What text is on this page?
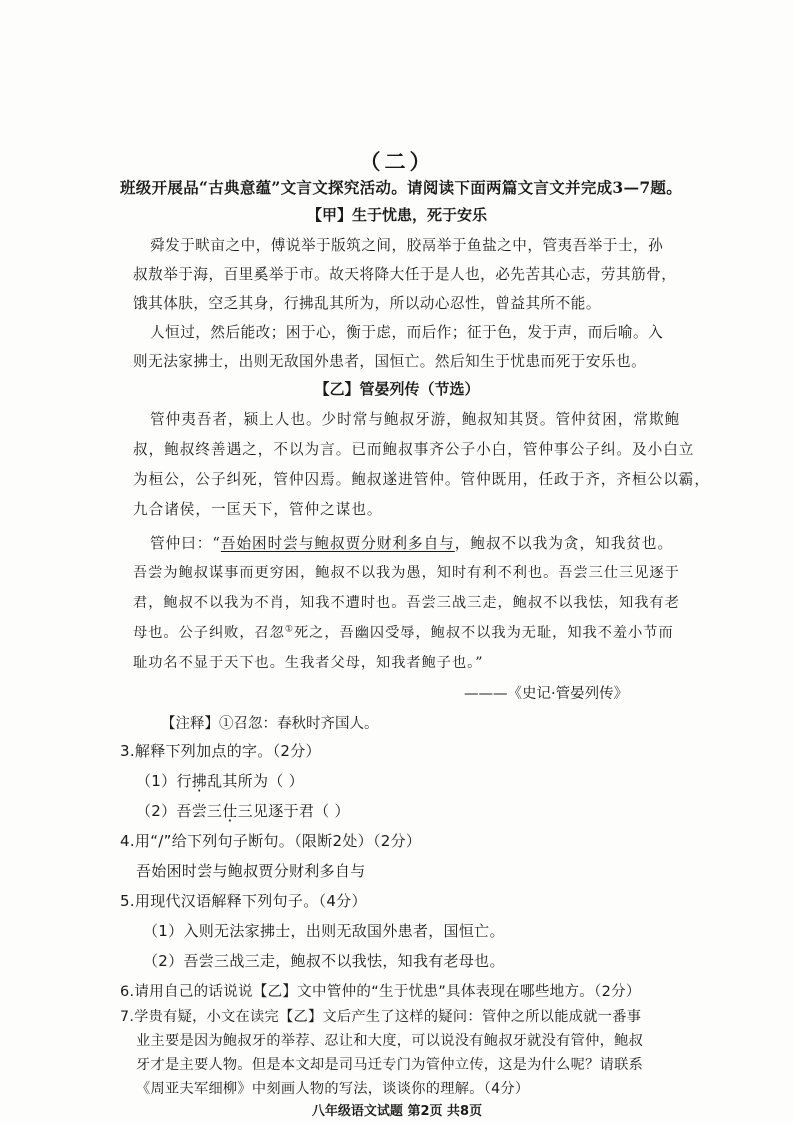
（二）
班级开展品“古典意蕴”文言文探究活动。请阅读下面两篇文言文并完成3—7题。
【甲】生于忧患，死于安乐
舜发于畎亩之中，傅说举于版筑之间，胶鬲举于鱼盐之中，管夷吾举于士，孙
叔敖举于海，百里奚举于市。故天将降大任于是人也，必先苦其心志，劳其筋骨，
饿其体肤，空乏其身，行拂乱其所为，所以动心忍性，曾益其所不能。
人恒过，然后能改；困于心，衡于虑，而后作；征于色，发于声，而后喻。入
则无法家拂士，出则无敌国外患者，国恒亡。然后知生于忧患而死于安乐也。
【乙】管晏列传（节选）
管仲夷吾者，颍上人也。少时常与鲍叔牙游，鲍叔知其贤。管仲贫困，常欺鲍
叔，鲍叔终善遇之，不以为言。已而鲍叔事齐公子小白，管仲事公子纠。及小白立
为桓公，公子纠死，管仲囚焉。鲍叔遂进管仲。管仲既用，任政于齐，齐桓公以霸，
九合诸侯，一匡天下，管仲之谋也。
管仲曰：“吾始困时尝与鲍叔贾分财利多自与，鲍叔不以我为贪，知我贫也。
吾尝为鲍叔谋事而更穷困，鲍叔不以我为愚，知时有利不利也。吾尝三仕三见逐于
君，鲍叔不以我为不肖，知我不遭时也。吾尝三战三走，鲍叔不以我怯，知我有老
母也。公子纠败，召忽①死之，吾幽囚受辱，鲍叔不以我为无耻，知我不羞小节而
耻功名不显于天下也。生我者父母，知我者鲍子也。”
———《史记·管晏列传》
【注释】①召忽：春秋时齐国人。
3.解释下列加点的字。（2分）
（1）行拂乱其所为（ ）
（2）吾尝三仕三见逐于君（ ）
4.用“/”给下列句子断句。（限断2处）（2分）
吾始困时尝与鲍叔贾分财利多自与
5.用现代汉语解释下列句子。（4分）
（1）入则无法家拂士，出则无敌国外患者，国恒亡。
（2）吾尝三战三走，鲍叔不以我怯，知我有老母也。
6.请用自己的话说说【乙】文中管仲的“生于忧患”具体表现在哪些地方。（2分）
7.学贵有疑，小文在读完【乙】文后产生了这样的疑问：管仲之所以能成就一番事
业主要是因为鲍叔牙的举荐、忍让和大度，可以说没有鲍叔牙就没有管仲，鲍叔
牙才是主要人物。但是本文却是司马迁专门为管仲立传，这是为什么呢？请联系
《周亚夫军细柳》中刻画人物的写法，谈谈你的理解。（4分）
八年级语文试题 第2页 共8页
